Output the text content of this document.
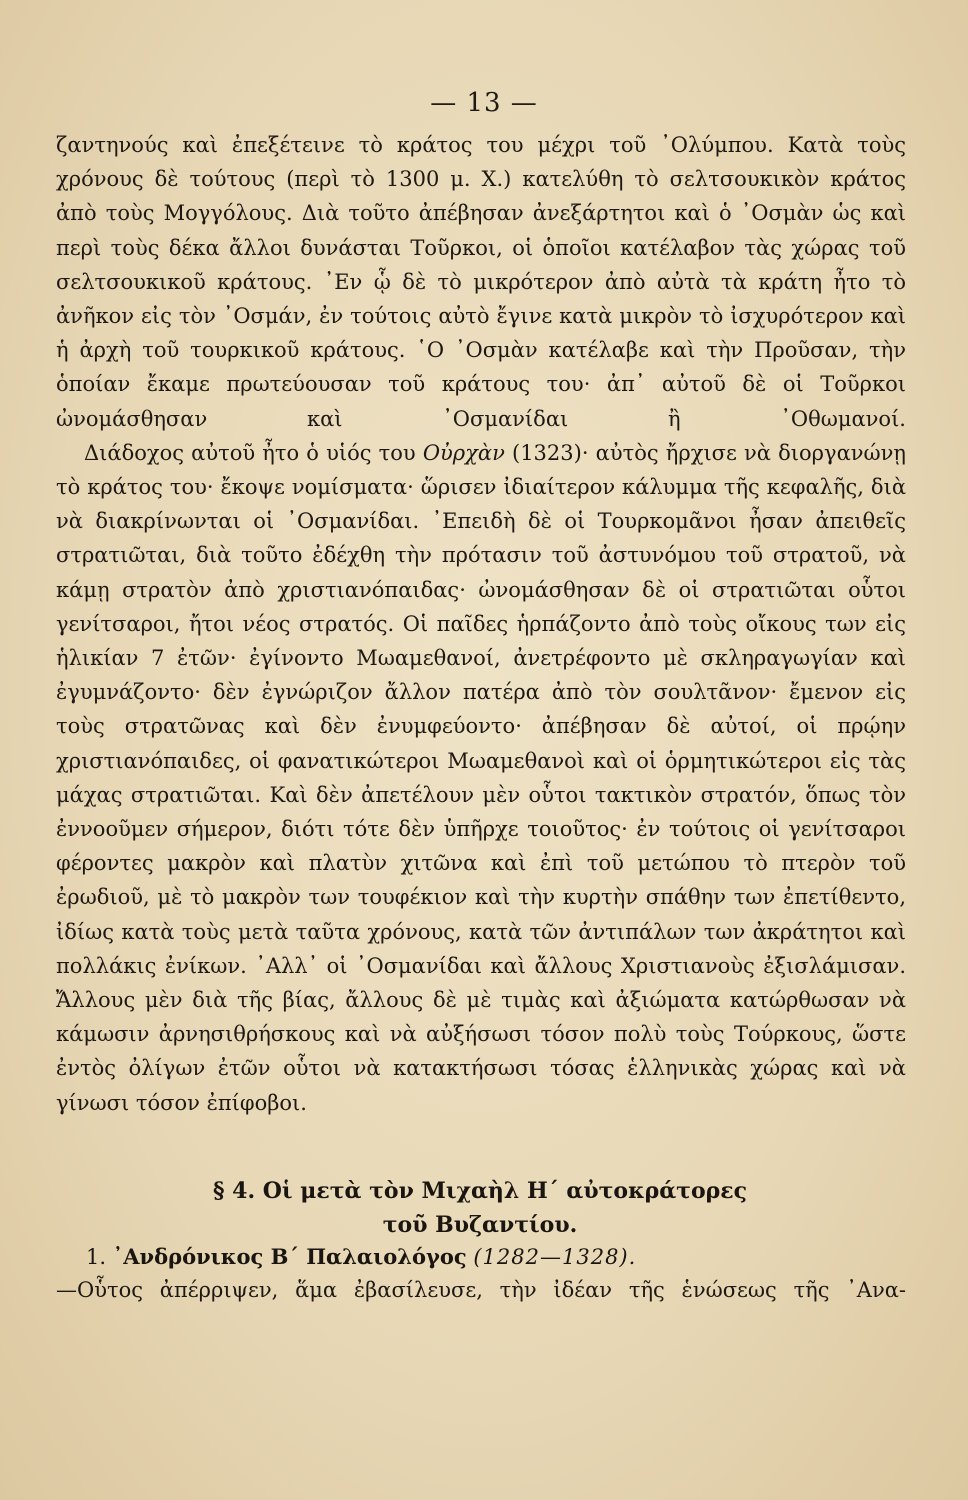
— 13 —

ζαντηνούς καὶ ἐπεξέτεινε τὸ κράτος του μέχρι τοῦ ᾿Ολύμπου. Κατὰ τοὺς χρόνους δὲ τούτους (περὶ τὸ 1300 μ. Χ.) κατελύθη τὸ σελτσουκικὸν κράτος ἀπὸ τοὺς Μογγόλους. Διὰ τοῦτο ἀπέβησαν ἀνεξάρτητοι καὶ ὁ ᾿Οσμὰν ὡς καὶ περὶ τοὺς δέκα ἄλλοι δυνάσται Τοῦρκοι, οἱ ὁποῖοι κατέλαβον τὰς χώρας τοῦ σελτσουκικοῦ κράτους. ᾿Εν ᾧ δὲ τὸ μικρότερον ἀπὸ αὐτὰ τὰ κράτη ἦτο τὸ ἀνῆκον εἰς τὸν ᾿Οσμάν, ἐν τούτοις αὐτὸ ἔγινε κατὰ μικρὸν τὸ ἰσχυρότερον καὶ ἡ ἀρχὴ τοῦ τουρκικοῦ κράτους. ῾Ο ᾿Οσμὰν κατέλαβε καὶ τὴν Προῦσαν, τὴν ὁποίαν ἔκαμε πρωτεύουσαν τοῦ κράτους του· ἀπ᾿ αὐτοῦ δὲ οἱ Τοῦρκοι ὠνομάσθησαν καὶ ᾿Οσμανίδαι ἢ ᾿Οθωμανοί.

Διάδοχος αὐτοῦ ἦτο ὁ υἱός του Οὐρχὰν (1323)· αὐτὸς ἤρχισε νὰ διοργανώνῃ τὸ κράτος του· ἔκοψε νομίσματα· ὥρισεν ἰδιαίτερον κάλυμμα τῆς κεφαλῆς, διὰ νὰ διακρίνωνται οἱ ᾿Οσμανίδαι. ᾿Επειδὴ δὲ οἱ Τουρκομᾶνοι ἦσαν ἀπειθεῖς στρατιῶται, διὰ τοῦτο ἐδέχθη τὴν πρότασιν τοῦ ἀστυνόμου τοῦ στρατοῦ, νὰ κάμῃ στρατὸν ἀπὸ χριστιανόπαιδας· ὠνομάσθησαν δὲ οἱ στρατιῶται οὗτοι γενίτσαροι, ἤτοι νέος στρατός. Οἱ παῖδες ἡρπάζοντο ἀπὸ τοὺς οἴκους των εἰς ἡλικίαν 7 ἐτῶν· ἐγίνοντο Μωαμεθανοί, ἀνετρέφοντο μὲ σκληραγωγίαν καὶ ἐγυμνάζοντο· δὲν ἐγνώριζον ἄλλον πατέρα ἀπὸ τὸν σουλτᾶνον· ἔμενον εἰς τοὺς στρατῶνας καὶ δὲν ἐνυμφεύοντο· ἀπέβησαν δὲ αὐτοί, οἱ πρῴην χριστιανόπαιδες, οἱ φανατικώτεροι Μωαμεθανοὶ καὶ οἱ ὁρμητικώτεροι εἰς τὰς μάχας στρατιῶται. Καὶ δὲν ἀπετέλουν μὲν οὗτοι τακτικὸν στρατόν, ὅπως τὸν ἐννοοῦμεν σήμερον, διότι τότε δὲν ὑπῆρχε τοιοῦτος· ἐν τούτοις οἱ γενίτσαροι φέροντες μακρὸν καὶ πλατὺν χιτῶνα καὶ ἐπὶ τοῦ μετώπου τὸ πτερὸν τοῦ ἐρωδιοῦ, μὲ τὸ μακρὸν των τουφέκιον καὶ τὴν κυρτὴν σπάθην των ἐπετίθεντο, ἰδίως κατὰ τοὺς μετὰ ταῦτα χρόνους, κατὰ τῶν ἀντιπάλων των ἀκράτητοι καὶ πολλάκις ἐνίκων. ᾿Αλλ᾿ οἱ ᾿Οσμανίδαι καὶ ἄλλους Χριστιανοὺς ἐξισλάμισαν. Ἄλλους μὲν διὰ τῆς βίας, ἄλλους δὲ μὲ τιμὰς καὶ ἀξιώματα κατώρθωσαν νὰ κάμωσιν ἀρνησιθρήσκους καὶ νὰ αὐξήσωσι τόσον πολὺ τοὺς Τούρκους, ὥστε ἐντὸς ὀλίγων ἐτῶν οὗτοι νὰ κατακτήσωσι τόσας ἑλληνικὰς χώρας καὶ νὰ γίνωσι τόσον ἐπίφοβοι.

§ 4. Οἱ μετὰ τὸν Μιχαὴλ Η´ αὐτοκράτορες
τοῦ Βυζαντίου.
1. ᾿Ανδρόνικος Β´ Παλαιολόγος (1282—1328).
—Οὗτος ἀπέρριψεν, ἅμα ἐβασίλευσε, τὴν ἰδέαν τῆς ἑνώσεως τῆς ᾿Ανα-
